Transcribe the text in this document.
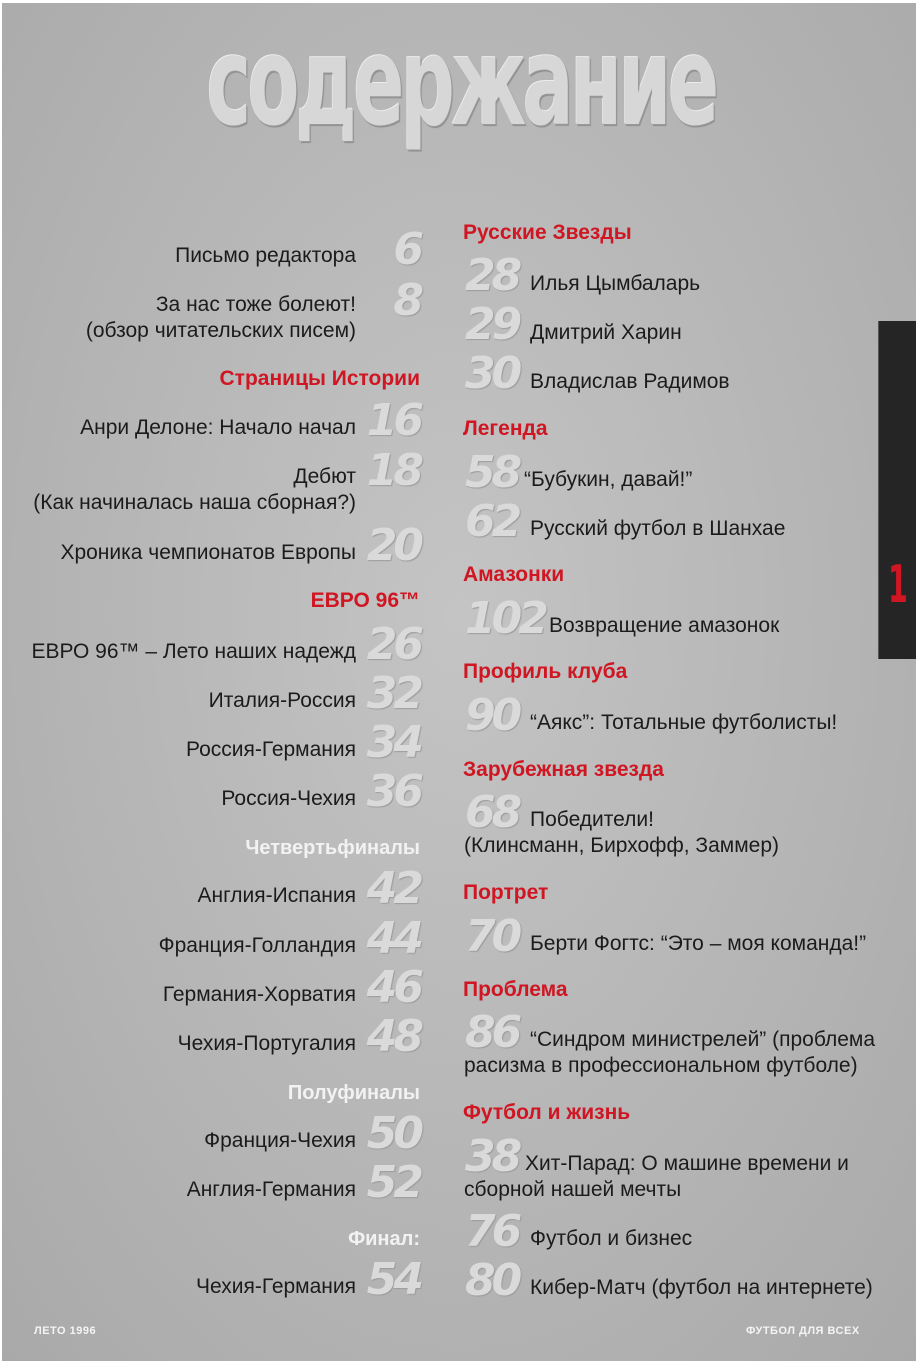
содержание
6
Письмо редактора
8
За нас тоже болеют!
(обзор читательских писем)
Страницы Истории
16
Анри Делоне: Начало начал
18
Дебют
(Как начиналась наша сборная?)
20
Хроника чемпионатов Европы
ЕВРО 96™
26
ЕВРО 96™ – Лето наших надежд
32
Италия-Россия
34
Россия-Германия
36
Россия-Чехия
Четвертьфиналы
42
Англия-Испания
44
Франция-Голландия
46
Германия-Хорватия
48
Чехия-Португалия
Полуфиналы
50
Франция-Чехия
52
Англия-Германия
Финал:
54
Чехия-Германия
Русские Звезды
28 Илья Цымбаларь
29 Дмитрий Харин
30 Владислав Радимов
Легенда
58 “Бубукин, давай!”
62 Русский футбол в Шанхае
Амазонки
102 Возвращение амазонок
Профиль клуба
90 “Аякс”: Тотальные футболисты!
Зарубежная звезда
68 Победители!
(Клинсманн, Бирхофф, Заммер)
Портрет
70 Берти Фогтс: “Это – моя команда!”
Проблема
86 “Синдром министрелей” (проблема
расизма в профессиональном футболе)
Футбол и жизнь
38 Хит-Парад: О машине времени и
сборной нашей мечты
76 Футбол и бизнес
80 Кибер-Матч (футбол на интернете)
1
ЛЕТО 1996	ФУТБОЛ ДЛЯ ВСЕХ
